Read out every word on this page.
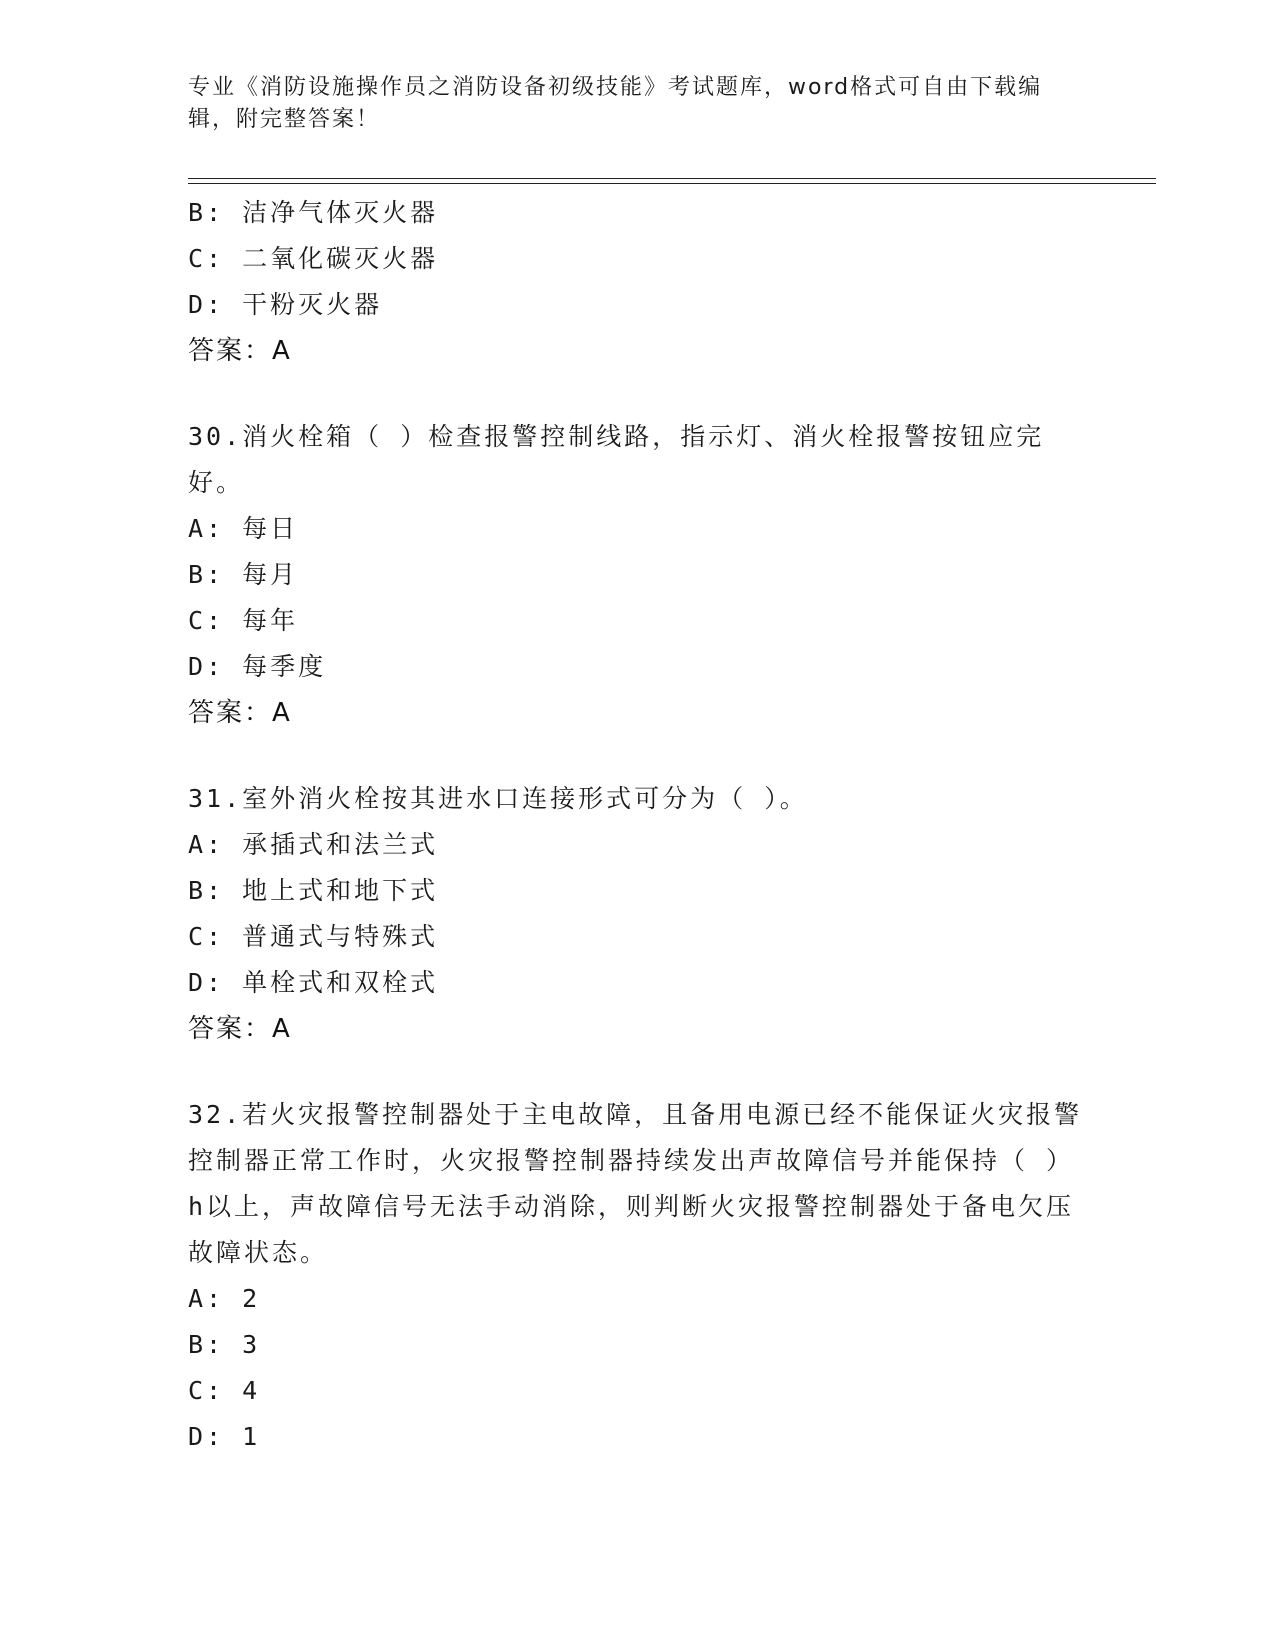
专业《消防设施操作员之消防设备初级技能》考试题库，word格式可自由下载编辑，附完整答案！
B: 洁净气体灭火器
C: 二氧化碳灭火器
D: 干粉灭火器
答案：A
30.消火栓箱（ ）检查报警控制线路，指示灯、消火栓报警按钮应完好。
A: 每日
B: 每月
C: 每年
D: 每季度
答案：A
31.室外消火栓按其进水口连接形式可分为（ ）。
A: 承插式和法兰式
B: 地上式和地下式
C: 普通式与特殊式
D: 单栓式和双栓式
答案：A
32.若火灾报警控制器处于主电故障，且备用电源已经不能保证火灾报警控制器正常工作时，火灾报警控制器持续发出声故障信号并能保持（ ）h以上，声故障信号无法手动消除，则判断火灾报警控制器处于备电欠压故障状态。
A: 2
B: 3
C: 4
D: 1
